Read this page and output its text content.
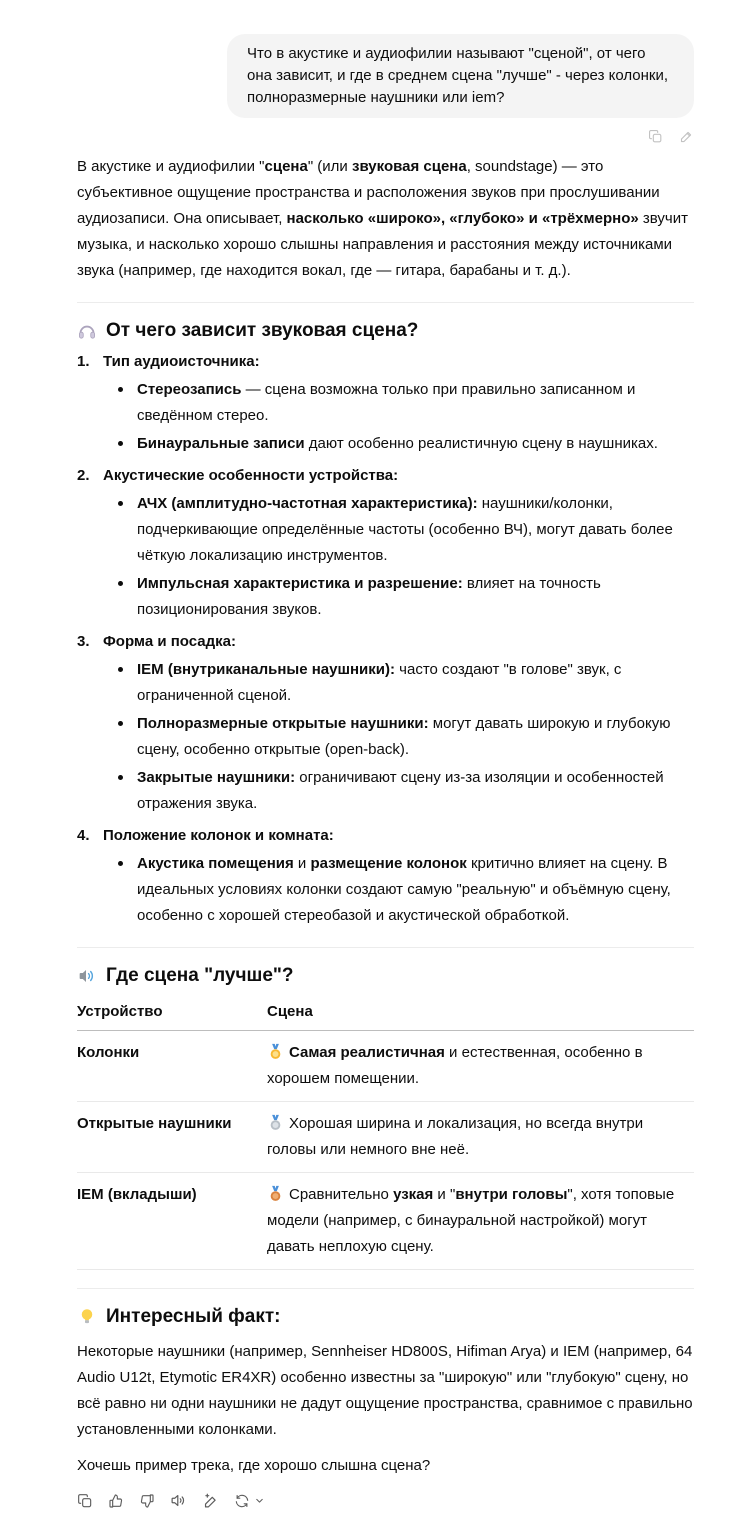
Что в акустике и аудиофилии называют "сценой", от чего она зависит, и где в среднем сцена "лучше" - через колонки, полноразмерные наушники или iem?

В акустике и аудиофилии "сцена" (или звуковая сцена, soundstage) — это субъективное ощущение пространства и расположения звуков при прослушивании аудиозаписи. Она описывает, насколько «широко», «глубоко» и «трёхмерно» звучит музыка, и насколько хорошо слышны направления и расстояния между источниками звука (например, где находится вокал, где — гитара, барабаны и т. д.).

От чего зависит звуковая сцена?
1. Тип аудиоисточника:
Стереозапись — сцена возможна только при правильно записанном и сведённом стерео.
Бинауральные записи дают особенно реалистичную сцену в наушниках.
2. Акустические особенности устройства:
АЧХ (амплитудно-частотная характеристика): наушники/колонки, подчеркивающие определённые частоты (особенно ВЧ), могут давать более чёткую локализацию инструментов.
Импульсная характеристика и разрешение: влияет на точность позиционирования звуков.
3. Форма и посадка:
IEM (внутриканальные наушники): часто создают "в голове" звук, с ограниченной сценой.
Полноразмерные открытые наушники: могут давать широкую и глубокую сцену, особенно открытые (open-back).
Закрытые наушники: ограничивают сцену из-за изоляции и особенностей отражения звука.
4. Положение колонок и комната:
Акустика помещения и размещение колонок критично влияет на сцену. В идеальных условиях колонки создают самую "реальную" и объёмную сцену, особенно с хорошей стереобазой и акустической обработкой.
Где сцена "лучше"?
Устройство	Сцена
Колонки	Самая реалистичная и естественная, особенно в хорошем помещении.
Открытые наушники	Хорошая ширина и локализация, но всегда внутри головы или немного вне неё.
IEM (вкладыши)	Сравнительно узкая и "внутри головы", хотя топовые модели (например, с бинауральной настройкой) могут давать неплохую сцену.
Интересный факт:

Некоторые наушники (например, Sennheiser HD800S, Hifiman Arya) и IEM (например, 64 Audio U12t, Etymotic ER4XR) особенно известны за "широкую" или "глубокую" сцену, но всё равно ни одни наушники не дадут ощущение пространства, сравнимое с правильно установленными колонками.

Хочешь пример трека, где хорошо слышна сцена?
